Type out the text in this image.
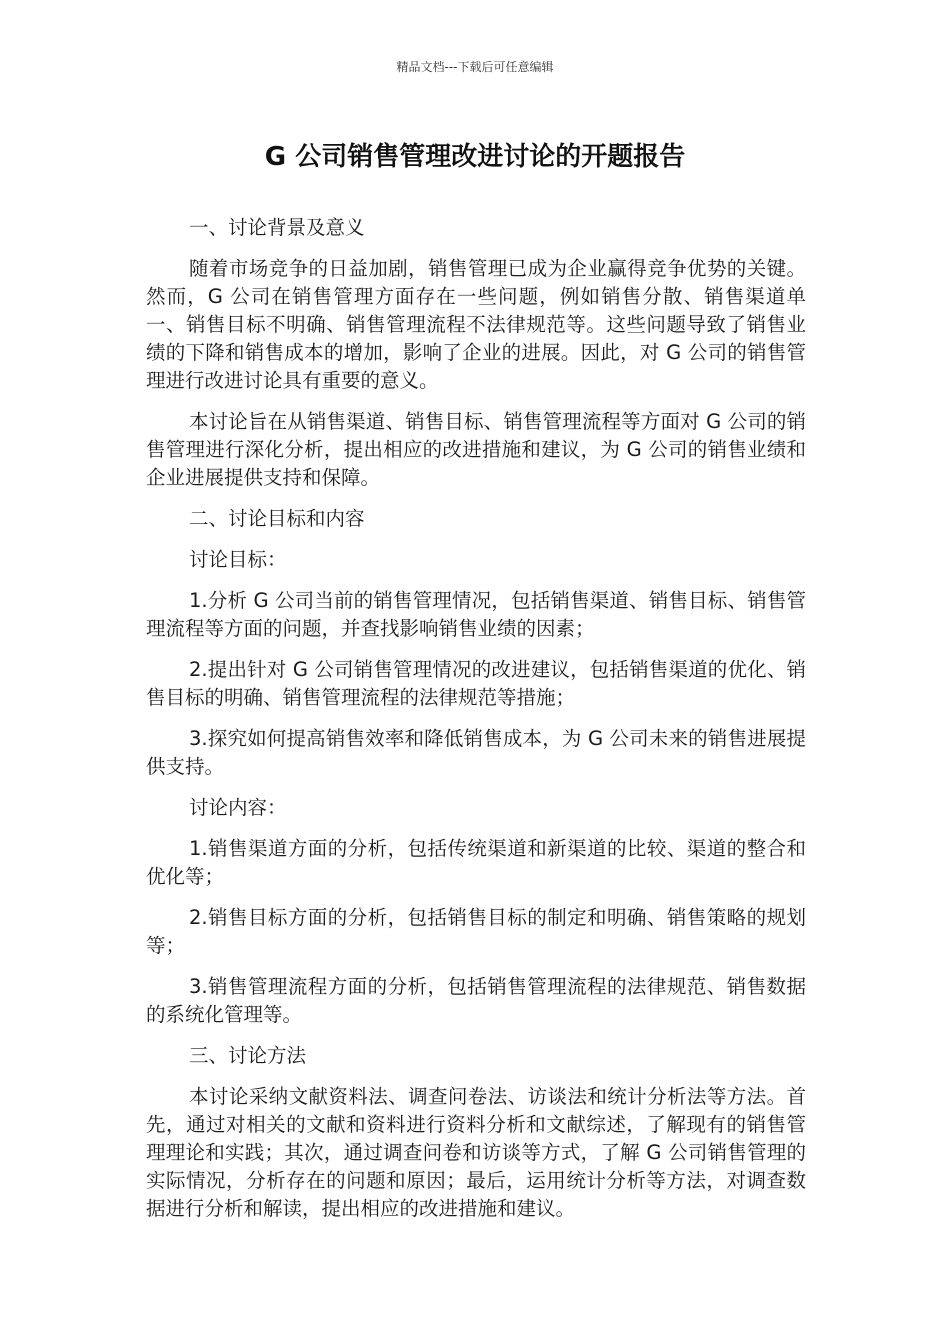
精品文档---下载后可任意编辑
G 公司销售管理改进讨论的开题报告

一、讨论背景及意义

随着市场竞争的日益加剧，销售管理已成为企业赢得竞争优势的关键。然而，G 公司在销售管理方面存在一些问题，例如销售分散、销售渠道单一、销售目标不明确、销售管理流程不法律规范等。这些问题导致了销售业绩的下降和销售成本的增加，影响了企业的进展。因此，对 G 公司的销售管理进行改进讨论具有重要的意义。

本讨论旨在从销售渠道、销售目标、销售管理流程等方面对 G 公司的销售管理进行深化分析，提出相应的改进措施和建议，为 G 公司的销售业绩和企业进展提供支持和保障。

二、讨论目标和内容

讨论目标：

1.分析 G 公司当前的销售管理情况，包括销售渠道、销售目标、销售管理流程等方面的问题，并查找影响销售业绩的因素；

2.提出针对 G 公司销售管理情况的改进建议，包括销售渠道的优化、销售目标的明确、销售管理流程的法律规范等措施；

3.探究如何提高销售效率和降低销售成本，为 G 公司未来的销售进展提供支持。

讨论内容：

1.销售渠道方面的分析，包括传统渠道和新渠道的比较、渠道的整合和优化等；

2.销售目标方面的分析，包括销售目标的制定和明确、销售策略的规划等；

3.销售管理流程方面的分析，包括销售管理流程的法律规范、销售数据的系统化管理等。

三、讨论方法

本讨论采纳文献资料法、调查问卷法、访谈法和统计分析法等方法。首先，通过对相关的文献和资料进行资料分析和文献综述，了解现有的销售管理理论和实践；其次，通过调查问卷和访谈等方式，了解 G 公司销售管理的实际情况，分析存在的问题和原因；最后，运用统计分析等方法，对调查数据进行分析和解读，提出相应的改进措施和建议。
